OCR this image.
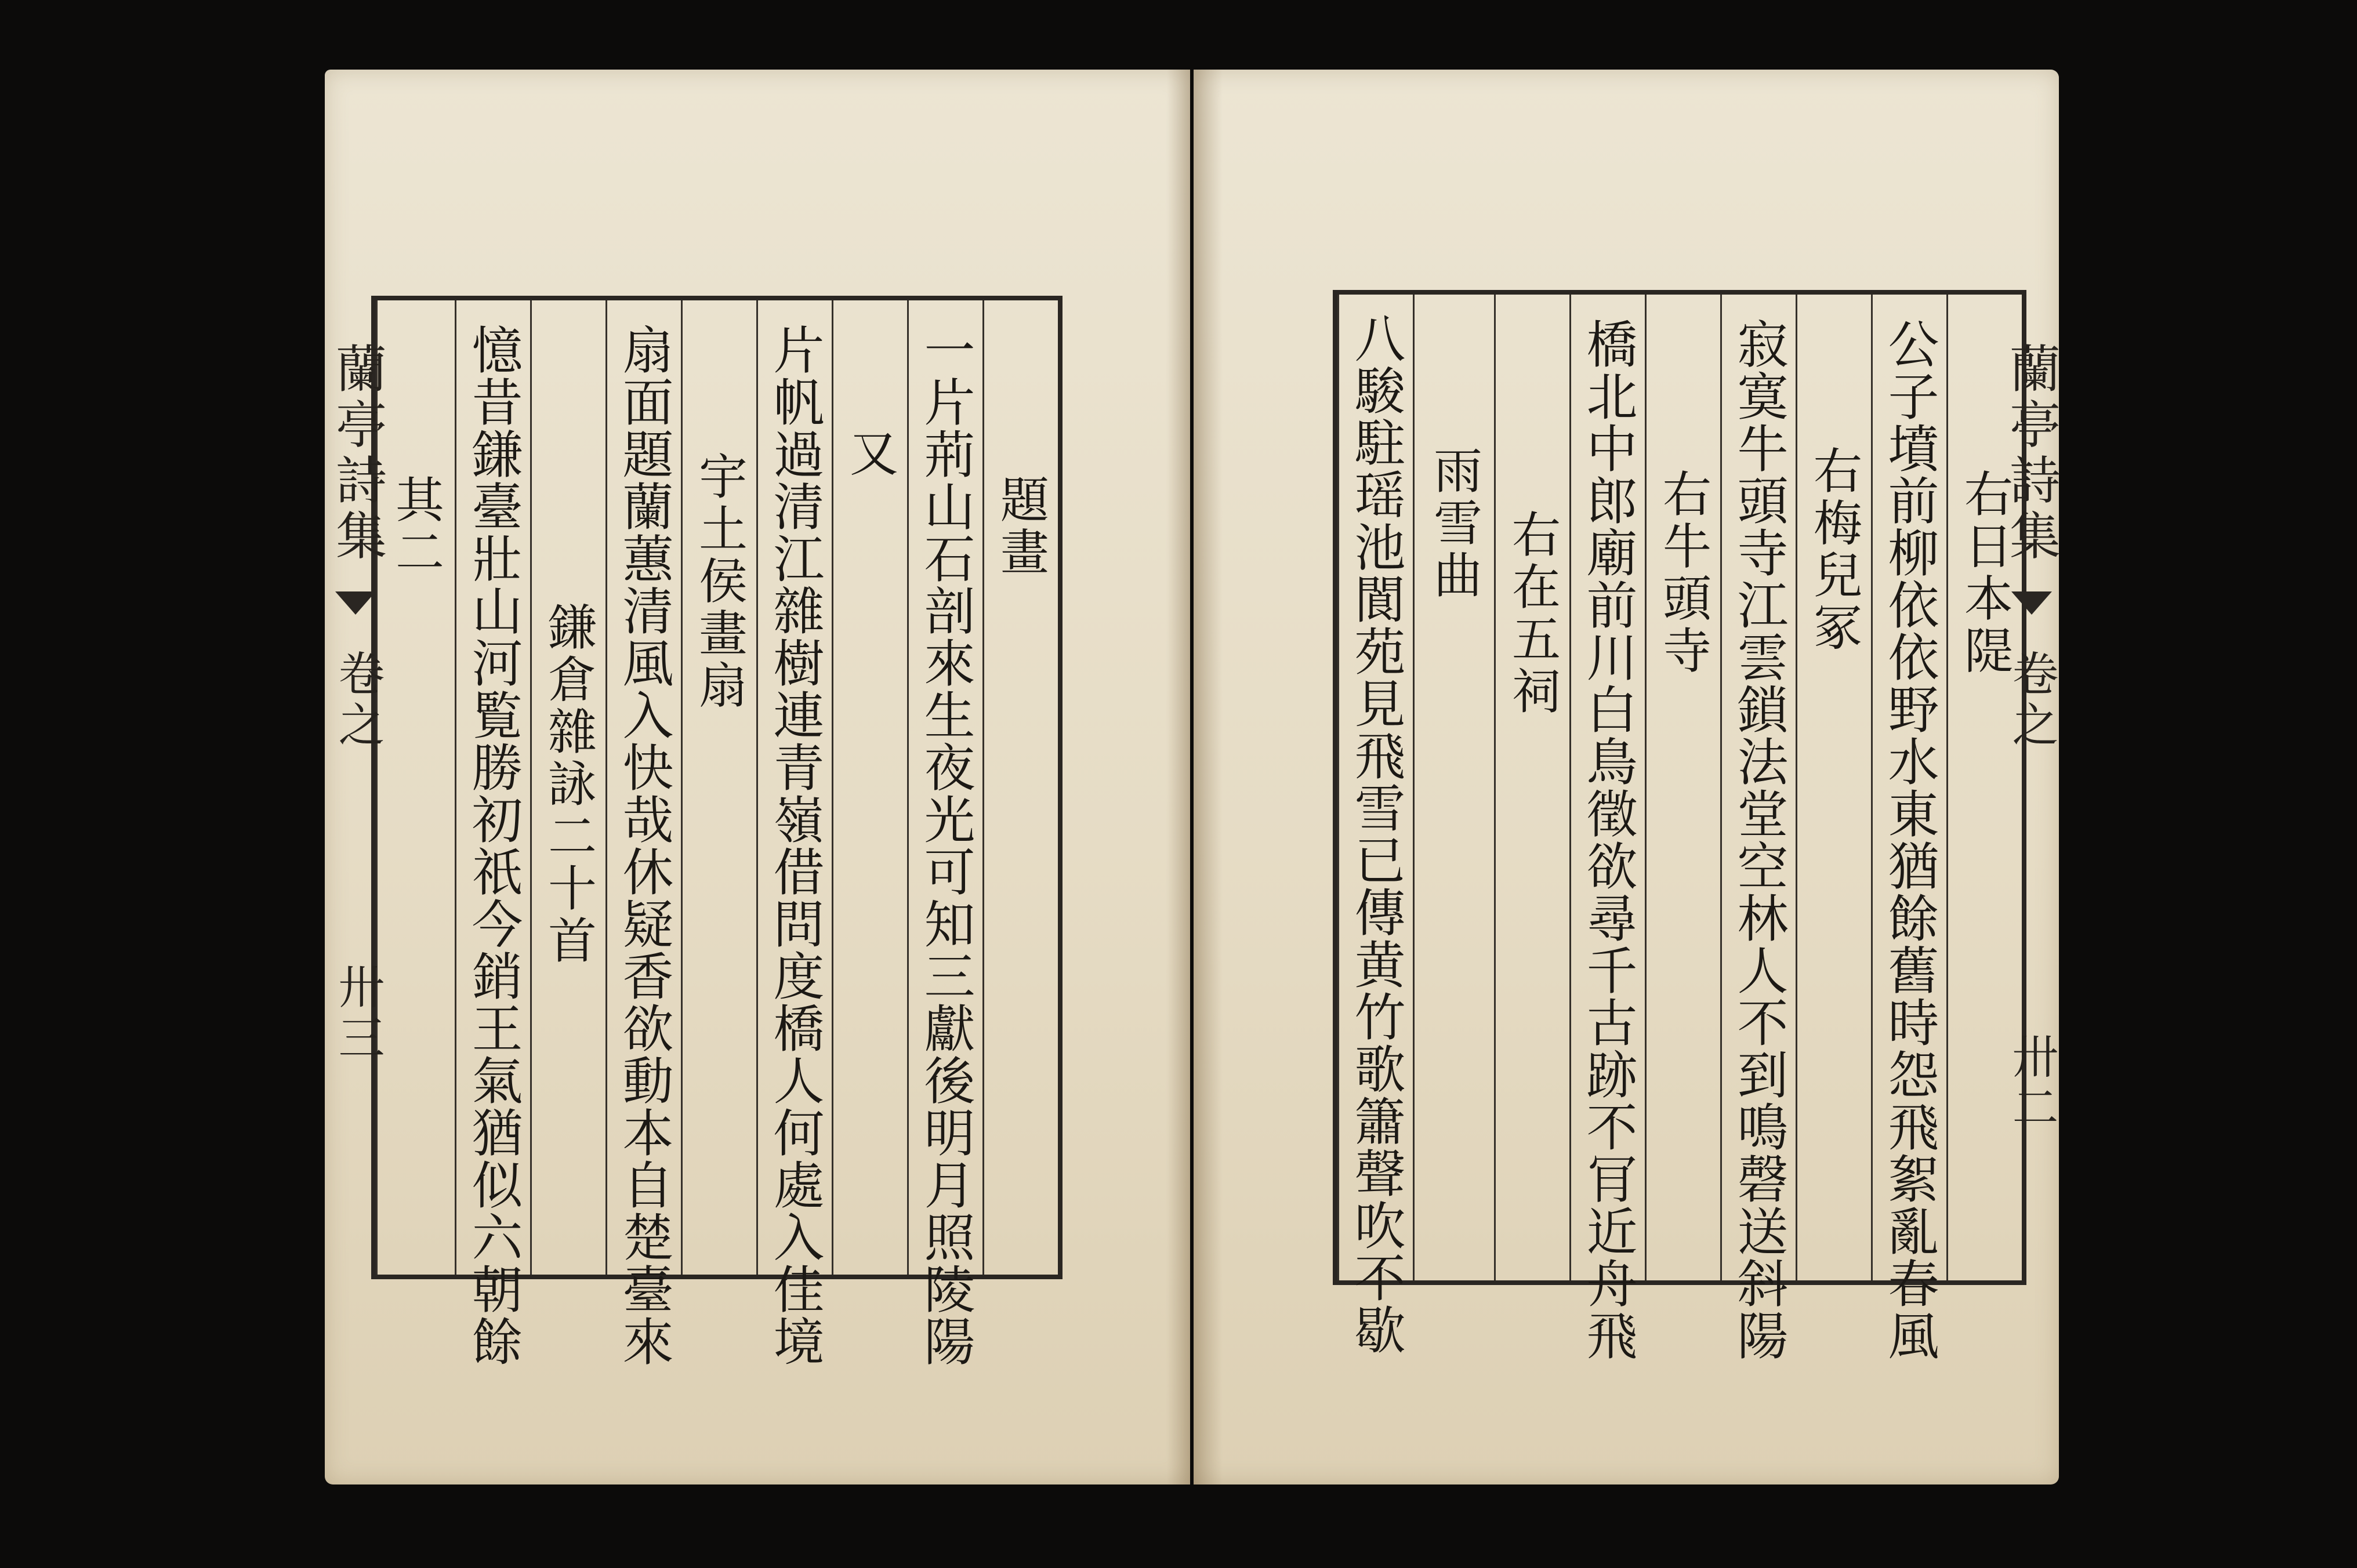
題畫
一片荊山石剖來生夜光可知三獻後明月照陵陽
又
片帆過清江雜樹連青嶺借問度橋人何處入佳境
宇土侯畫扇
扇面題蘭蕙清風入快哉休疑香欲動本自楚臺來
鎌倉雜詠二十首
憶昔鎌臺壯山河覧勝初祇今銷王氣猶似六朝餘
其二
蘭亭詩集
卷之
卅三
右日本隄
公子墳前柳依依野水東猶餘舊時怨飛絮亂春風
右梅兒冢
寂寞牛頭寺江雲鎖法堂空林人不到鳴磬送斜陽
右牛頭寺
橋北中郎廟前川白鳥徵欲尋千古跡不肎近舟飛
右在五祠
雨雪曲
八駿駐瑶池閬苑見飛雪已傳黄竹歌簫聲吹不歇	蘭亭詩集
卷之
卅二
